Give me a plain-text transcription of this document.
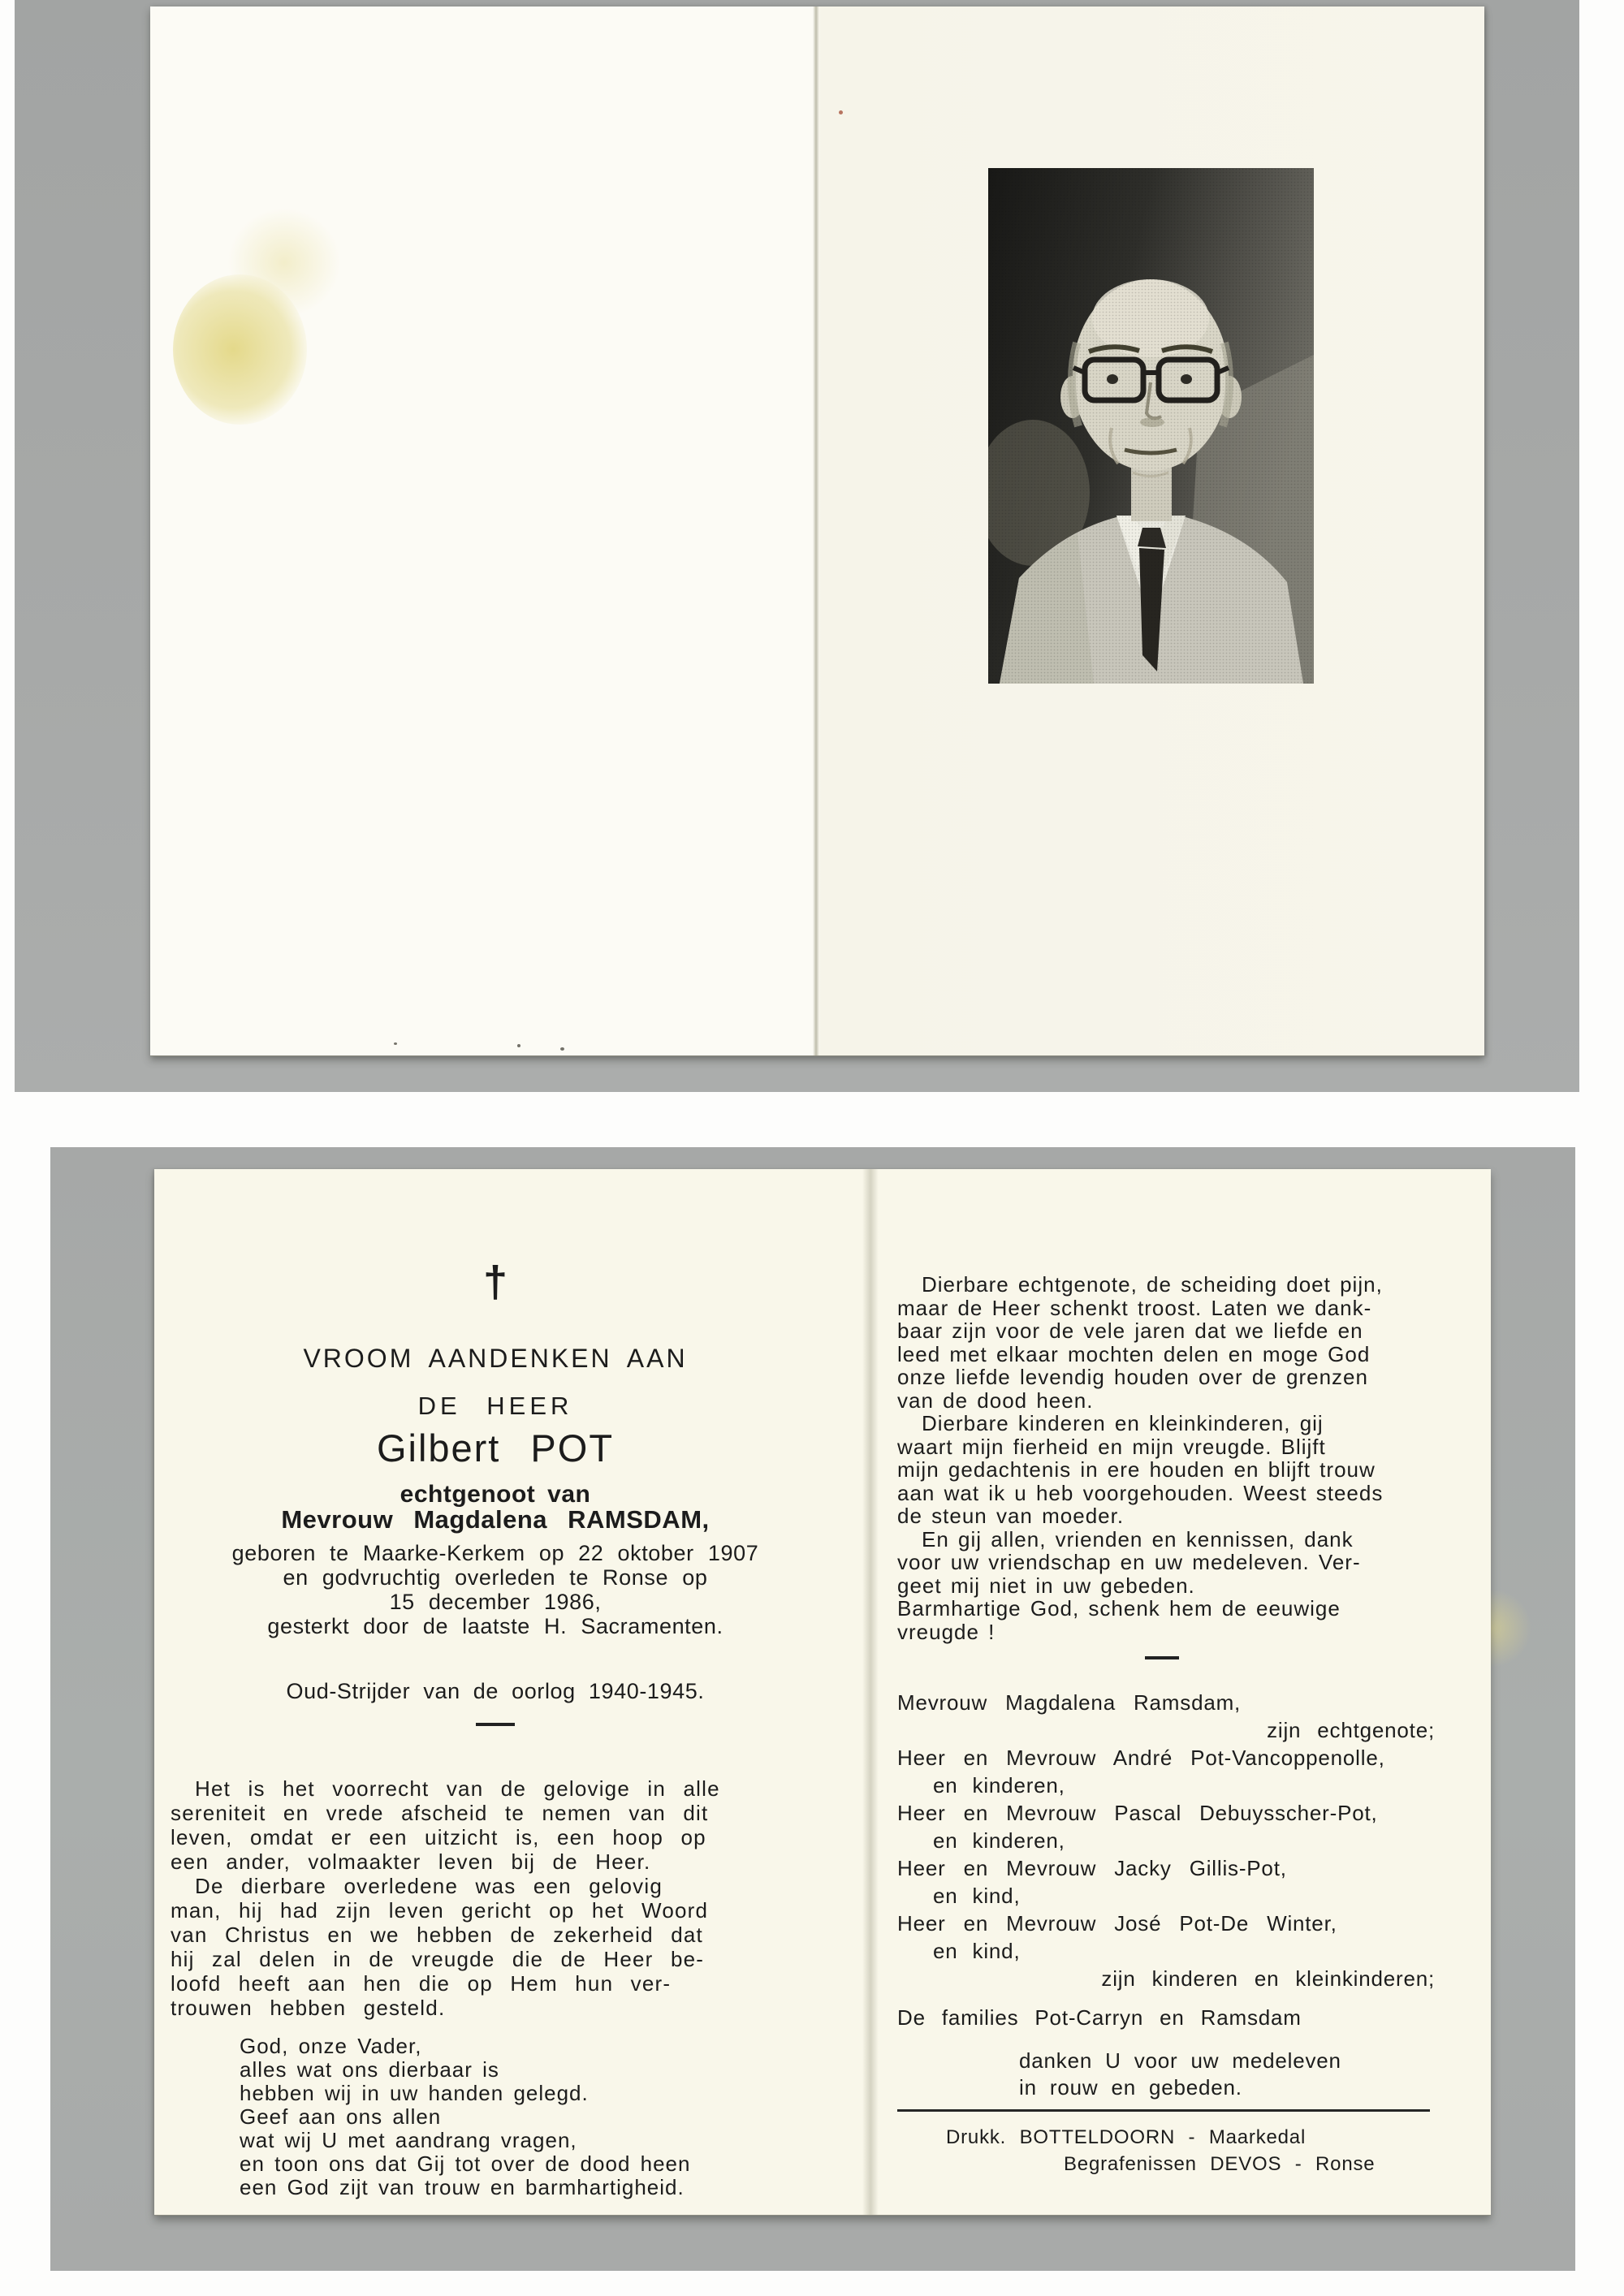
†
VROOM AANDENKEN AAN
DE HEER
Gilbert POT
echtgenoot van
Mevrouw Magdalena RAMSDAM,
geboren te Maarke-Kerkem op 22 oktober 1907
en godvruchtig overleden te Ronse op
15 december 1986,
gesterkt door de laatste H. Sacramenten.
Oud-Strijder van de oorlog 1940-1945.
Het is het voorrecht van de gelovige in alle
sereniteit en vrede afscheid te nemen van dit
leven, omdat er een uitzicht is, een hoop op
een ander, volmaakter leven bij de Heer.
De dierbare overledene was een gelovig
man, hij had zijn leven gericht op het Woord
van Christus en we hebben de zekerheid dat
hij zal delen in de vreugde die de Heer be-
loofd heeft aan hen die op Hem hun ver-
trouwen hebben gesteld.
God, onze Vader,
alles wat ons dierbaar is
hebben wij in uw handen gelegd.
Geef aan ons allen
wat wij U met aandrang vragen,
en toon ons dat Gij tot over de dood heen
een God zijt van trouw en barmhartigheid.
Dierbare echtgenote, de scheiding doet pijn,
maar de Heer schenkt troost. Laten we dank-
baar zijn voor de vele jaren dat we liefde en
leed met elkaar mochten delen en moge God
onze liefde levendig houden over de grenzen
van de dood heen.
Dierbare kinderen en kleinkinderen, gij
waart mijn fierheid en mijn vreugde. Blijft
mijn gedachtenis in ere houden en blijft trouw
aan wat ik u heb voorgehouden. Weest steeds
de steun van moeder.
En gij allen, vrienden en kennissen, dank
voor uw vriendschap en uw medeleven. Ver-
geet mij niet in uw gebeden.
Barmhartige God, schenk hem de eeuwige
vreugde !
Mevrouw Magdalena Ramsdam,
zijn echtgenote;
Heer en Mevrouw André Pot-Vancoppenolle,
en kinderen,
Heer en Mevrouw Pascal Debuysscher-Pot,
en kinderen,
Heer en Mevrouw Jacky Gillis-Pot,
en kind,
Heer en Mevrouw José Pot-De Winter,
en kind,
zijn kinderen en kleinkinderen;
De families Pot-Carryn en Ramsdam
danken U voor uw medeleven
in rouw en gebeden.
Drukk. BOTTELDOORN - Maarkedal
Begrafenissen DEVOS - Ronse
